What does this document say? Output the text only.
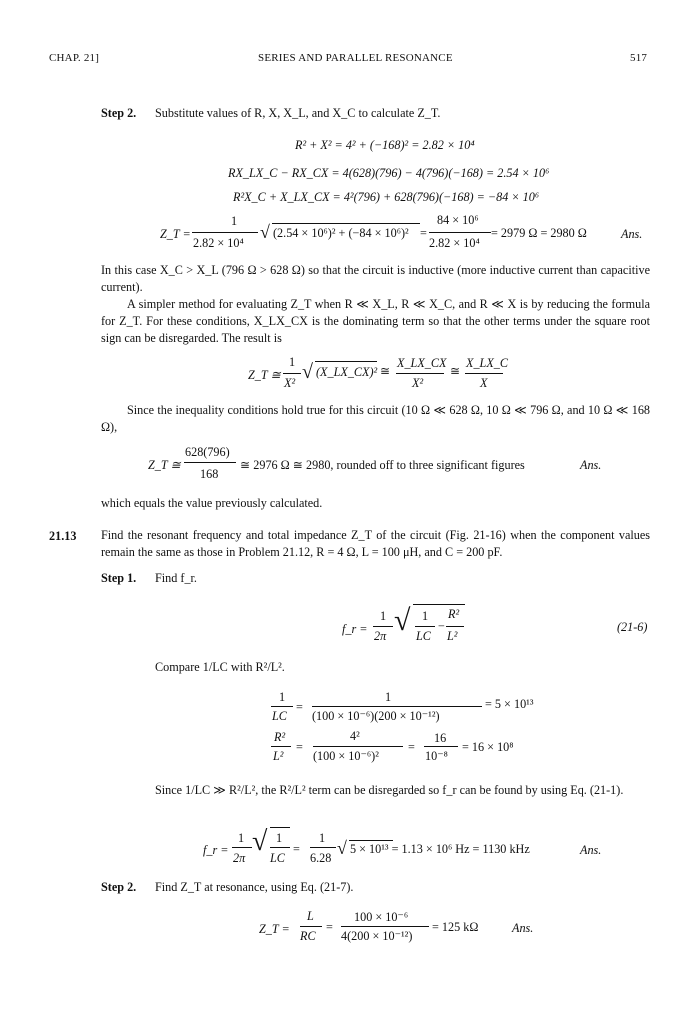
CHAP. 21]	SERIES AND PARALLEL RESONANCE	517
Step 2. Substitute values of R, X, X_L, and X_C to calculate Z_T.
R² + X² = 4² + (−168)² = 2.82 × 10⁴
RX_LX_C − RX_CX = 4(628)(796) − 4(796)(−168) = 2.54 × 10⁶
R²X_C + X_LX_CX = 4²(796) + 628(796)(−168) = −84 × 10⁶
Z_T =
1
2.82 × 10⁴
√ (2.54 × 10⁶)² + (−84 × 10⁶)² =
84 × 10⁶
2.82 × 10⁴
= 2979 Ω = 2980 Ω	Ans.
In this case X_C > X_L (796 Ω > 628 Ω) so that the circuit is inductive (more inductive current than capacitive current).
A simpler method for evaluating Z_T when R ≪ X_L, R ≪ X_C, and R ≪ X is by reducing the formula for Z_T. For these conditions, X_LX_CX is the dominating term so that the other terms under the square root sign can be disregarded. The result is
Z_T ≅
1
X² √ (X_LX_CX)² ≅
X_LX_CX
X²
≅
X_LX_C
X
Since the inequality conditions hold true for this circuit (10 Ω ≪ 628 Ω, 10 Ω ≪ 796 Ω, and 10 Ω ≪ 168 Ω),
Z_T ≅
628(796)
168
≅ 2976 Ω ≅ 2980, rounded off to three significant figures	Ans.
which equals the value previously calculated.
21.13 Find the resonant frequency and total impedance Z_T of the circuit (Fig. 21-16) when the component values remain the same as those in Problem 21.12, R = 4 Ω, L = 100 μH, and C = 200 pF.
Step 1. Find f_r.
f_r =
1
2π √ 1
LC
−
R²
L²
(21-6)
Compare 1/LC with R²/L².
1
LC
=
1
(100 × 10⁻⁶)(200 × 10⁻¹²)
= 5 × 10¹³
R²
L²
=
4²
(100 × 10⁻⁶)²
=
16
10⁻⁸
= 16 × 10⁸
Since 1/LC ≫ R²/L², the R²/L² term can be disregarded so f_r can be found by using Eq. (21-1).
f_r =
1
2π
√ 1
LC
=
1
6.28 √ 5 × 10¹³ = 1.13 × 10⁶ Hz = 1130 kHz	Ans.
Step 2. Find Z_T at resonance, using Eq. (21-7).
Z_T =
L
RC
=
100 × 10⁻⁶
4(200 × 10⁻¹²)
= 125 kΩ	Ans.
